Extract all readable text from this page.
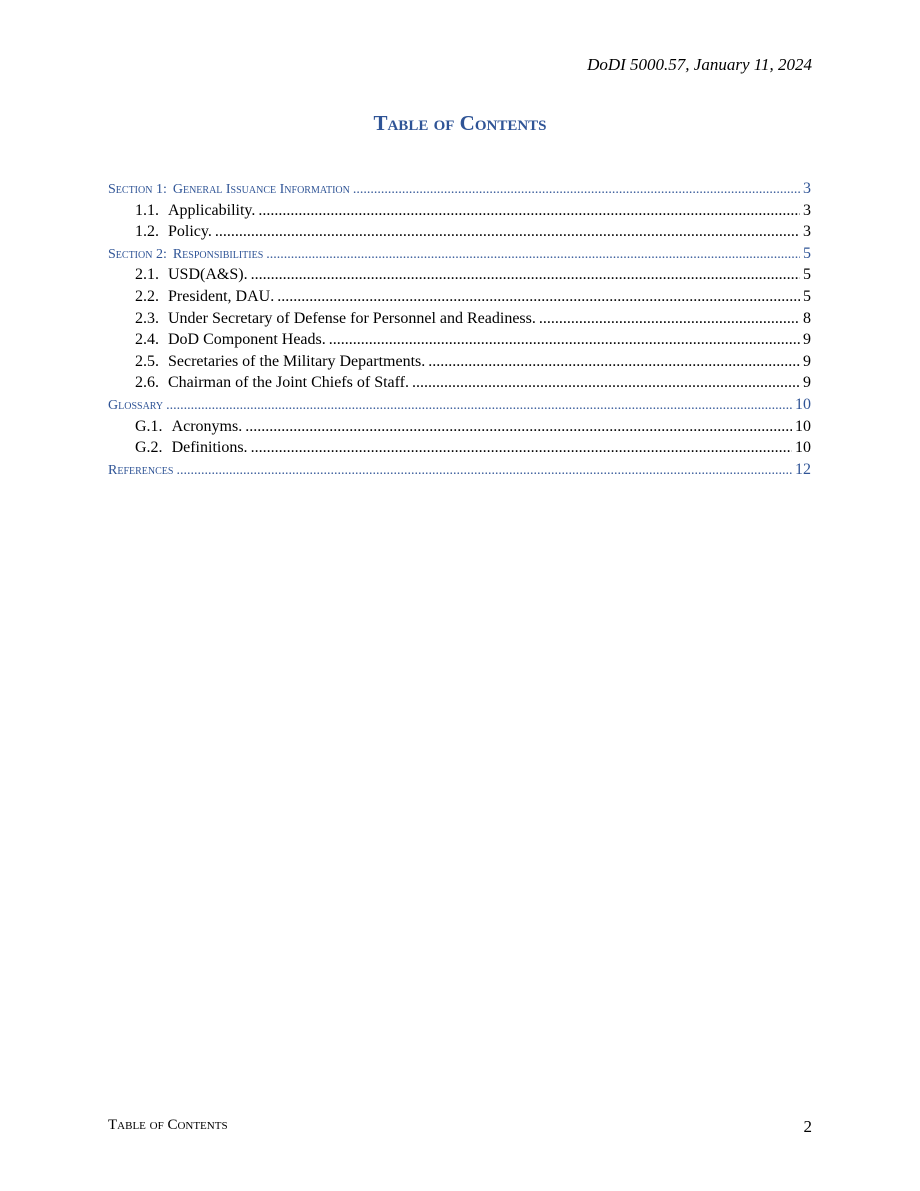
DoDI 5000.57, January 11, 2024
Table of Contents
Section 1: General Issuance Information .....	3
1.1. Applicability. .....	3
1.2. Policy. .....	3
Section 2: Responsibilities .....	5
2.1. USD(A&S). .....	5
2.2. President, DAU. .....	5
2.3. Under Secretary of Defense for Personnel and Readiness. .....	8
2.4. DoD Component Heads. .....	9
2.5. Secretaries of the Military Departments. .....	9
2.6. Chairman of the Joint Chiefs of Staff. .....	9
Glossary .....	10
G.1. Acronyms. .....	10
G.2. Definitions. .....	10
References .....	12
Table of Contents	2
